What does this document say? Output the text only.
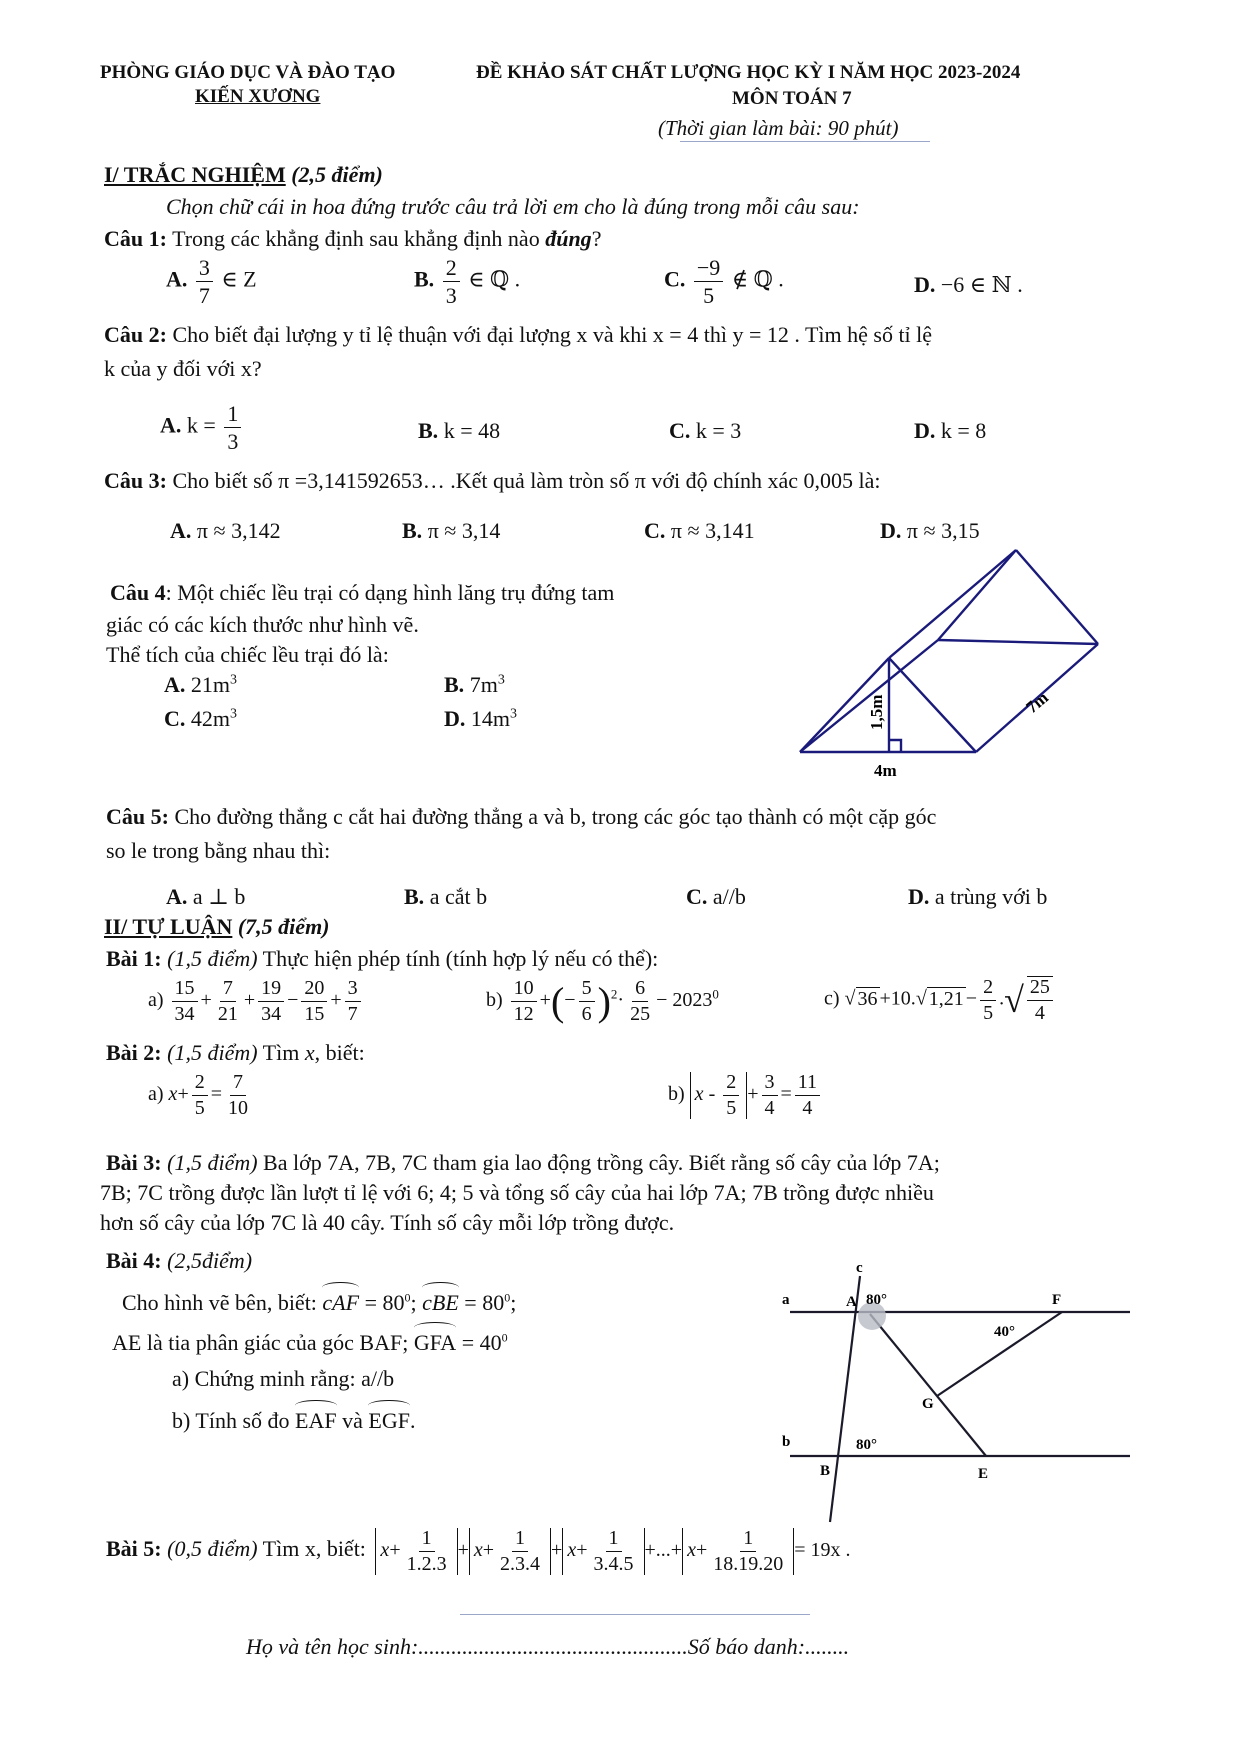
PHÒNG GIÁO DỤC VÀ ĐÀO TẠO
KIẾN XƯƠNG
ĐỀ KHẢO SÁT CHẤT LƯỢNG HỌC KỲ I NĂM HỌC 2023-2024
MÔN TOÁN 7
(Thời gian làm bài: 90 phút)
I/ TRẮC NGHIỆM (2,5 điểm)
Chọn chữ cái in hoa đứng trước câu trả lời em cho là đúng trong mỗi câu sau:
Câu 1: Trong các khẳng định sau khẳng định nào đúng?
A. $\frac{3}{7}$ ∈ Z	B. $\frac{2}{3}$ ∈ ℚ .	C. $\frac{-9}{5}$ ∉ ℚ .	D. −6 ∈ ℕ .
Câu 2: Cho biết đại lượng y tỉ lệ thuận với đại lượng x và khi x = 4 thì y = 12 . Tìm hệ số tỉ lệ
k của y đối với x?
A. $k = \frac{1}{3}$	B. k = 48	C. k = 3	D. k = 8
Câu 3: Cho biết số π =3,141592653… .Kết quả làm tròn số π với độ chính xác 0,005 là:
A. π ≈ 3,142	B. π ≈ 3,14	C. π ≈ 3,141	D. π ≈ 3,15
Câu 4: Một chiếc lều trại có dạng hình lăng trụ đứng tam
giác có các kích thước như hình vẽ.
Thể tích của chiếc lều trại đó là:
A. $21m^3$	B. $7m^3$
C. $42m^3$	D. $14m^3$	1,5m	7m
4m
Câu 5: Cho đường thẳng c cắt hai đường thẳng a và b, trong các góc tạo thành có một cặp góc
so le trong bằng nhau thì:
A. a ⊥ b	B. a cắt b	C. a//b	D. a trùng với b
II/ TỰ LUẬN (7,5 điểm)
Bài 1: (1,5 điểm) Thực hiện phép tính (tính hợp lý nếu có thể):
$a) \frac{15}{34} + \frac{7}{21} + \frac{19}{34} - \frac{20}{15} + \frac{3}{7}$	$b) \frac{10}{12}$ +(− $\frac{5}{6} )^2\cdot \frac{6}{25} - 2023^0$	c) √ 36 +10.√ $1,21 - \frac{2}{5}$ .√ $\frac{25}{4}$
Bài 2: (1,5 điểm) Tìm x, biết:
a) $x+ \frac{2}{5} = \frac{7}{10}$	b) $x - \frac{2}{5} + \frac{3}{4} = \frac{11}{4}$
Bài 3: (1,5 điểm) Ba lớp 7A, 7B, 7C tham gia lao động trồng cây. Biết rằng số cây của lớp 7A;
7B; 7C trồng được lần lượt tỉ lệ với 6; 4; 5 và tổng số cây của hai lớp 7A; 7B trồng được nhiều
hơn số cây của lớp 7C là 40 cây. Tính số cây mỗi lớp trồng được.
Bài 4: (2,5điểm)
Cho hình vẽ bên, biết: cAF = $80^0$; cBE = $80^0$;
AE là tia phân giác của góc BAF; GFA = $40^0$
a) Chứng minh rằng: a//b
b) Tính số đo EAF và EGF.
c
a	A 80°	F
40°
G
b	80°
B	E
Bài 5: (0,5 điểm) Tìm x, biết: $x+ \frac{1}{1.2.3} + x+ \frac{1}{2.3.4} + x+ \frac{1}{3.4.5}$ +...+ $x+ \frac{1}{18.19.20} = 19x$ .
Họ và tên học sinh:.................................................Số báo danh:........
